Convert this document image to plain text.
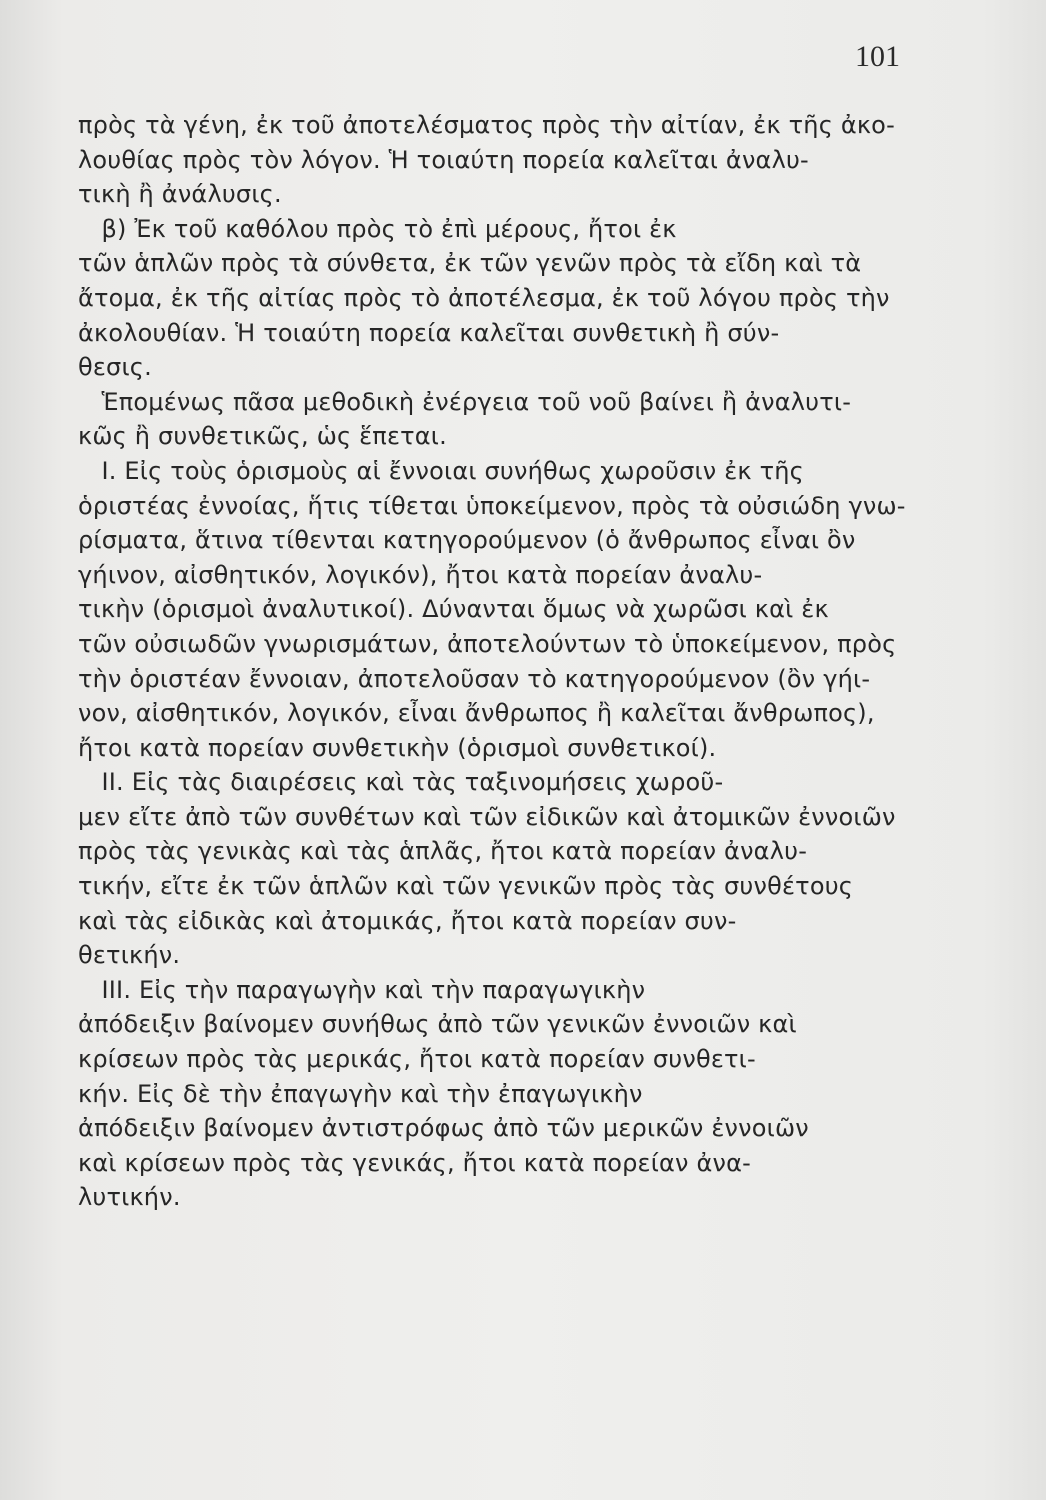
101
πρὸς τὰ γένη, ἐκ τοῦ ἀποτελέσματος πρὸς τὴν αἰτίαν, ἐκ τῆς ἀκο-
λουθίας πρὸς τὸν λόγον. Ἡ τοιαύτη πορεία καλεῖται ἀναλυ-
τικὴ ἢ ἀνάλυσις.
β) Ἐκ τοῦ καθόλου πρὸς τὸ ἐπὶ μέρους, ἤτοι ἐκ
τῶν ἁπλῶν πρὸς τὰ σύνθετα, ἐκ τῶν γενῶν πρὸς τὰ εἴδη καὶ τὰ
ἄτομα, ἐκ τῆς αἰτίας πρὸς τὸ ἀποτέλεσμα, ἐκ τοῦ λόγου πρὸς τὴν
ἀκολουθίαν. Ἡ τοιαύτη πορεία καλεῖται συνθετικὴ ἢ σύν-
θεσις.
Ἑπομένως πᾶσα μεθοδικὴ ἐνέργεια τοῦ νοῦ βαίνει ἢ ἀναλυτι-
κῶς ἢ συνθετικῶς, ὡς ἕπεται.
I. Εἰς τοὺς ὁρισμοὺς αἱ ἔννοιαι συνήθως χωροῦσιν ἐκ τῆς
ὁριστέας ἐννοίας, ἥτις τίθεται ὑποκείμενον, πρὸς τὰ οὐσιώδη γνω-
ρίσματα, ἅτινα τίθενται κατηγορούμενον (ὁ ἄνθρωπος εἶναι ὂν
γήινον, αἰσθητικόν, λογικόν), ἤτοι κατὰ πορείαν ἀναλυ-
τικὴν (ὁρισμοὶ ἀναλυτικοί). Δύνανται ὅμως νὰ χωρῶσι καὶ ἐκ
τῶν οὐσιωδῶν γνωρισμάτων, ἀποτελούντων τὸ ὑποκείμενον, πρὸς
τὴν ὁριστέαν ἔννοιαν, ἀποτελοῦσαν τὸ κατηγορούμενον (ὂν γήι-
νον, αἰσθητικόν, λογικόν, εἶναι ἄνθρωπος ἢ καλεῖται ἄνθρωπος),
ἤτοι κατὰ πορείαν συνθετικὴν (ὁρισμοὶ συνθετικοί).
II. Εἰς τὰς διαιρέσεις καὶ τὰς ταξινομήσεις χωροῦ-
μεν εἴτε ἀπὸ τῶν συνθέτων καὶ τῶν εἰδικῶν καὶ ἀτομικῶν ἐννοιῶν
πρὸς τὰς γενικὰς καὶ τὰς ἁπλᾶς, ἤτοι κατὰ πορείαν ἀναλυ-
τικήν, εἴτε ἐκ τῶν ἁπλῶν καὶ τῶν γενικῶν πρὸς τὰς συνθέτους
καὶ τὰς εἰδικὰς καὶ ἀτομικάς, ἤτοι κατὰ πορείαν συν-
θετικήν.
III. Εἰς τὴν παραγωγὴν καὶ τὴν παραγωγικὴν
ἀπόδειξιν βαίνομεν συνήθως ἀπὸ τῶν γενικῶν ἐννοιῶν καὶ
κρίσεων πρὸς τὰς μερικάς, ἤτοι κατὰ πορείαν συνθετι-
κήν. Εἰς δὲ τὴν ἐπαγωγὴν καὶ τὴν ἐπαγωγικὴν
ἀπόδειξιν βαίνομεν ἀντιστρόφως ἀπὸ τῶν μερικῶν ἐννοιῶν
καὶ κρίσεων πρὸς τὰς γενικάς, ἤτοι κατὰ πορείαν ἀνα-
λυτικήν.
